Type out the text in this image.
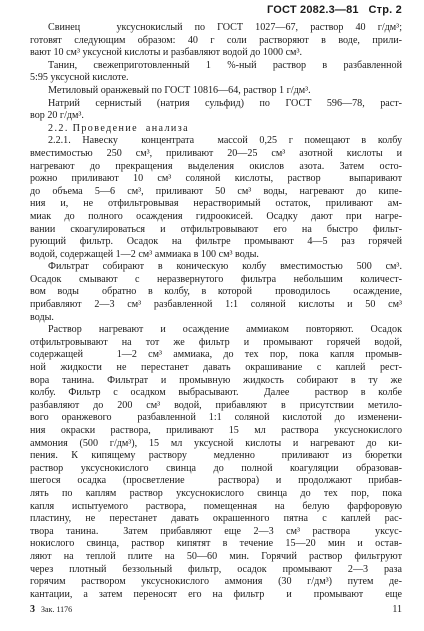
ГОСТ 2082.3—81 Стр. 2
Свинец   уксуснокислый по ГОСТ 1027—67, раствор 40 г/дм³;
готовят следующим образом: 40 г соли растворяют в воде, прили-
вают 10 см³ уксусной кислоты и разбавляют водой до 1000 см³.
Танин, свежеприготовленный 1 %-ный раствор в разбавленной
5:95 уксусной кислоте.
Метиловый оранжевый по ГОСТ 10816—64, раствор 1 г/дм³.
Натрий сернистый (натрия сульфид) по ГОСТ 596—78, раст-
вор 20 г/дм³.
2.2. Проведение  анализа
2.2.1. Навеску  концентрата  массой 0,25 г помещают в колбу
вместимостью 250 см³, приливают 20—25 см³ азотной кислоты и
нагревают до прекращения выделения окислов азота. Затем осто-
рожно приливают 10 см³ соляной кислоты, раствор  выпаривают
до объема 5—6 см³, приливают 50 см³ воды, нагревают до кипе-
ния и, не отфильтровывая нерастворимый остаток, приливают ам-
миак до полного осаждения гидроокисей. Осадку дают при нагре-
вании скоагулироваться и отфильтровывают его на быстро фильт-
рующий фильтр. Осадок на фильтре промывают 4—5 раз горячей
водой, содержащей 1—2 см³ аммиака в 100 см³ воды.
Фильтрат собирают в коническую колбу вместимостью 500 см³.
Осадок смывают с неразвернутого фильтра небольшим количест-
вом воды  обратно в колбу, в которой  проводилось  осаждение,
прибавляют 2—3 см³ разбавленной 1:1 соляной кислоты и 50 см³
воды.
Раствор нагревают и осаждение аммиаком повторяют. Осадок
отфильтровывают на тот же фильтр и промывают горячей водой,
содержащей   1—2 см³ аммиака, до тех пор, пока капля промыв-
ной жидкости не перестанет давать окрашивание с каплей рест-
вора танина. Фильтрат и промывную жидкость собирают в ту же
колбу. Фильтр с осадком выбрасывают.  Далее  раствор в колбе
разбавляют до 200 см³ водой, прибавляют в присутствии метило-
вого оранжевого  разбавленной 1:1 соляной кислотой до изменени-
ния окраски раствора, приливают 15 мл раствора уксуснокислого
аммония (500 г/дм³), 15 мл уксусной кислоты и нагревают до ки-
пения. К кипящему раствору  медленно  приливают из бюретки
раствор уксуснокислого свинца до полной коагуляции образовав-
шегося осадка (просветление  раствора) и продолжают прибав-
лять по каплям раствор уксуснокислого свинца до тех пор, пока
капля испытуемого раствора, помещенная на белую фарфоровую
пластину, не перестанет давать окрашенного пятна с каплей рас-
твора танина.  Затем прибавляют еще 2—3 см³ раствора  уксус-
нокислого свинца, раствор кипятят в течение 15—20 мин и остав-
ляют на теплой плите на 50—60 мин. Горячий раствор фильтруют
через плотный беззольный фильтр, осадок промывают 2—3 раза
горячим раствором уксуснокислого аммония (30 г/дм³) путем де-
кантации, а затем переносят его на фильтр  и  промывают  еще
3 Зак. 1176	11
